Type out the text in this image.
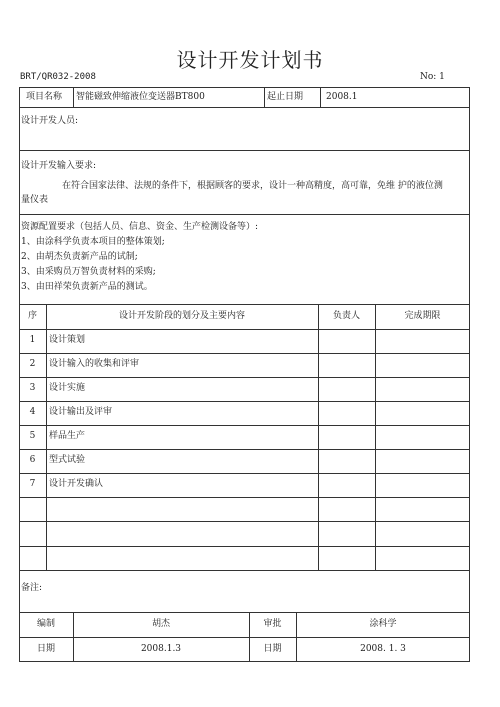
设计开发计划书
BRT/QR032-2008	No: 1
项目名称 智能磁致伸缩液位变送器BT800	起止日期	2008.1
设计开发人员:
设计开发输入要求:
在符合国家法律、法规的条件下，根据顾客的要求，设计一种高精度，高可靠，免维 护的液位测
量仪表
资源配置要求（包括人员、信息、资金、生产检测设备等）:
1、由涂科学负责本项目的整体策划;
2、由胡杰负责新产品的试制;
3、由采购员万智负责材料的采购;
3、由田祥荣负责新产品的测试。
序	设计开发阶段的划分及主要内容	负责人	完成期限
1	设计策划
2	设计输入的收集和评审
3	设计实施
4	设计输出及评审
5	样品生产
6	型式试验
7	设计开发确认
备注:
编制	胡杰	审批	涂科学
日期	2008.1.3	日期	2008. 1. 3
